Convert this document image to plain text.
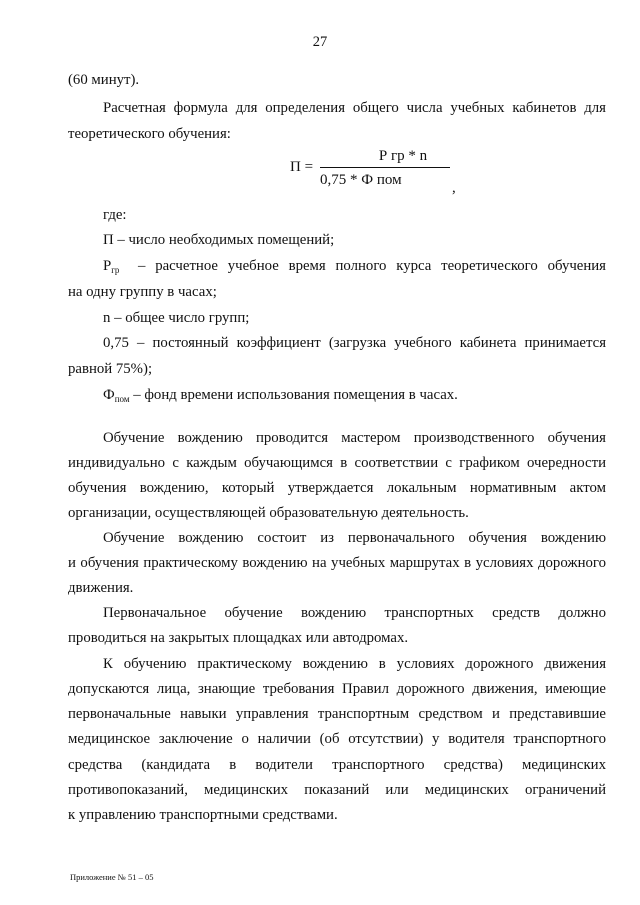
27
(60 минут).
Расчетная формула для определения общего числа учебных кабинетов для
теоретического обучения:
П =
Р гр * n
0,75 * Ф пом	,
где:
П – число необходимых помещений;
$Р_{гр}$ – расчетное учебное время полного курса теоретического обучения
на одну группу в часах;
n – общее число групп;
0,75 – постоянный коэффициент (загрузка учебного кабинета принимается
равной 75%);
$Ф_{пом}$ – фонд времени использования помещения в часах.
Обучение вождению проводится мастером производственного обучения
индивидуально с каждым обучающимся в соответствии с графиком очередности
обучения вождению, который утверждается локальным нормативным актом
организации, осуществляющей образовательную деятельность.
Обучение вождению состоит из первоначального обучения вождению
и обучения практическому вождению на учебных маршрутах в условиях дорожного
движения.
Первоначальное обучение вождению транспортных средств должно
проводиться на закрытых площадках или автодромах.
К обучению практическому вождению в условиях дорожного движения
допускаются лица, знающие требования Правил дорожного движения, имеющие
первоначальные навыки управления транспортным средством и представившие
медицинское заключение о наличии (об отсутствии) у водителя транспортного
средства (кандидата в водители транспортного средства) медицинских
противопоказаний, медицинских показаний или медицинских ограничений
к управлению транспортными средствами.
Приложение № 51 – 05
